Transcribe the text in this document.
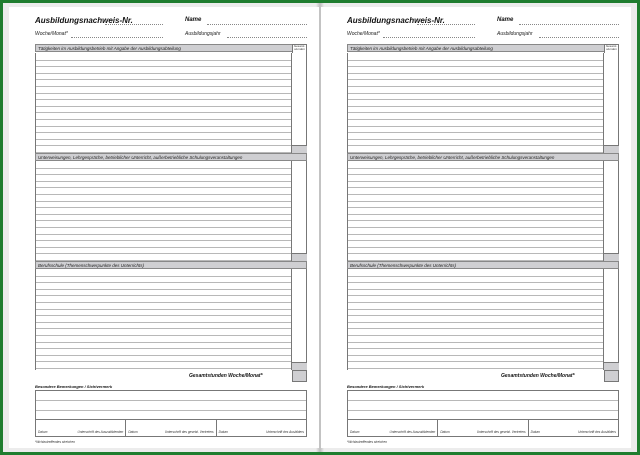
Ausbildungsnachweis-Nr.	Name
Woche/Monat*	Ausbildungsjahr
Tätigkeiten im Ausbildungsbetrieb mit Angabe der Ausbildungsabteilung	Gesamt- stunden
Unterweisungen, Lehrgespräche, betrieblicher Unterricht, außerbetriebliche Schulungsveranstaltungen
Berufsschule (Themenschwerpunkte des Unterrichts)
Gesamtstunden Woche/Monat*
Besondere Bemerkungen / Sichtvermerk
Datum	Unterschrift des Auszubildenden Datum	Unterschrift des gesetzl. Vertreters Datum	Unterschrift des Ausbilders
*Nichtzutreffendes streichen
Ausbildungsnachweis-Nr.	Name
Woche/Monat*	Ausbildungsjahr
Tätigkeiten im Ausbildungsbetrieb mit Angabe der Ausbildungsabteilung	Gesamt- stunden
Unterweisungen, Lehrgespräche, betrieblicher Unterricht, außerbetriebliche Schulungsveranstaltungen
Berufsschule (Themenschwerpunkte des Unterrichts)
Gesamtstunden Woche/Monat*
Besondere Bemerkungen / Sichtvermerk
Datum	Unterschrift des Auszubildenden Datum	Unterschrift des gesetzl. Vertreters Datum	Unterschrift des Ausbilders
*Nichtzutreffendes streichen
